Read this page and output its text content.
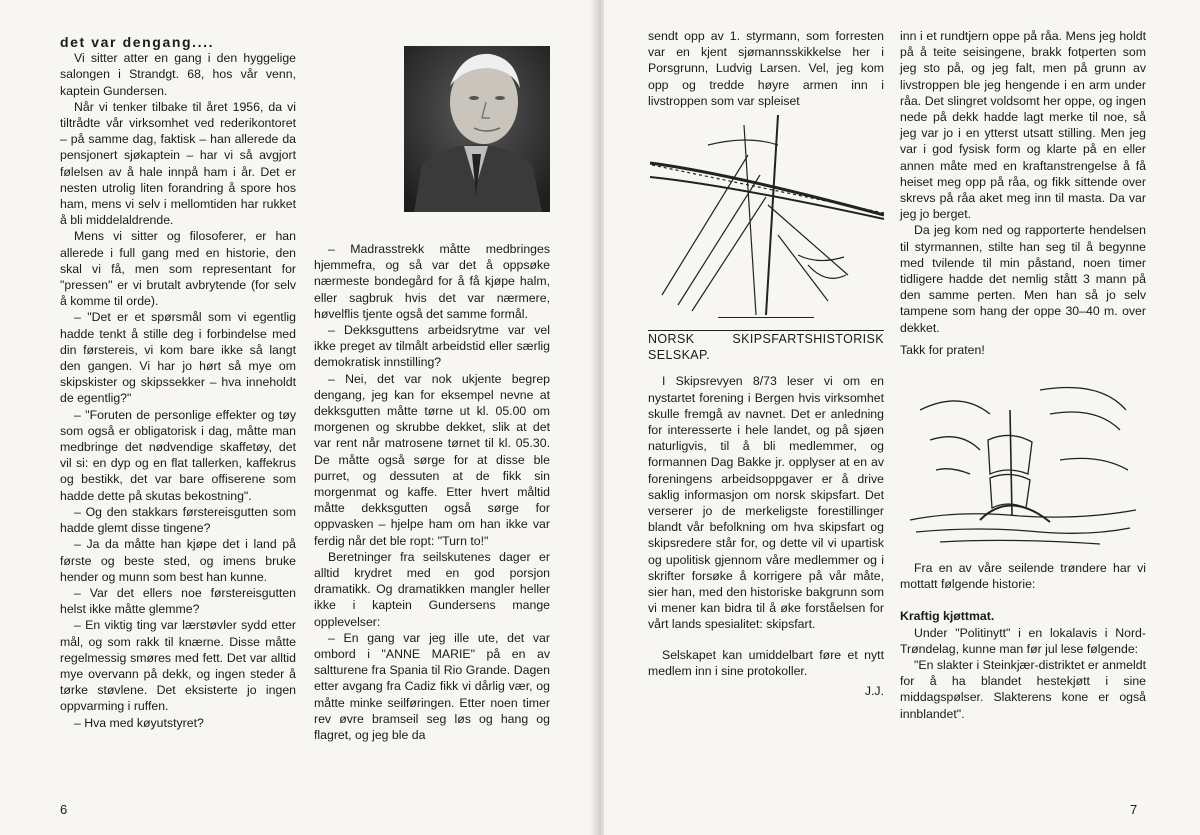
det var dengang....

Vi sitter atter en gang i den hyggelige salongen i Strandgt. 68, hos vår venn, kaptein Gundersen.

Når vi tenker tilbake til året 1956, da vi tiltrådte vår virksomhet ved rederikontoret – på samme dag, faktisk – han allerede da pensjonert sjøkaptein – har vi så avgjort følelsen av å hale innpå ham i år. Det er nesten utrolig liten forandring å spore hos ham, mens vi selv i mellomtiden har rukket å bli middelaldrende.

Mens vi sitter og filosoferer, er han allerede i full gang med en historie, den skal vi få, men som representant for "pressen" er vi brutalt avbrytende (for selv å komme til orde).

– "Det er et spørsmål som vi egentlig hadde tenkt å stille deg i forbindelse med din førstereis, vi kom bare ikke så langt den gangen. Vi har jo hørt så mye om skipskister og skipssekker – hva inneholdt de egentlig?"

– "Foruten de personlige effekter og tøy som også er obligatorisk i dag, måtte man medbringe det nødvendige skaffetøy, det vil si: en dyp og en flat tallerken, kaffekrus og bestikk, det var bare offiserene som hadde dette på skutas bekostning".

– Og den stakkars førstereisgutten som hadde glemt disse tingene?

– Ja da måtte han kjøpe det i land på første og beste sted, og imens bruke hender og munn som best han kunne.

– Var det ellers noe førstereisgutten helst ikke måtte glemme?

– En viktig ting var lærstøvler sydd etter mål, og som rakk til knærne. Disse måtte regelmessig smøres med fett. Det var alltid mye overvann på dekk, og ingen steder å tørke støvlene. Det eksisterte jo ingen oppvarming i ruffen.

– Hva med køyutstyret?

– Madrasstrekk måtte medbringes hjemmefra, og så var det å oppsøke nærmeste bondegård for å få kjøpe halm, eller sagbruk hvis det var nærmere, høvelflis tjente også det samme formål.

– Dekksguttens arbeidsrytme var vel ikke preget av tilmålt arbeidstid eller særlig demokratisk innstilling?

– Nei, det var nok ukjente begrep dengang, jeg kan for eksempel nevne at dekksgutten måtte tørne ut kl. 05.00 om morgenen og skrubbe dekket, slik at det var rent når matrosene tørnet til kl. 05.30. De måtte også sørge for at disse ble purret, og dessuten at de fikk sin morgenmat og kaffe. Etter hvert måltid måtte dekksgutten også sørge for oppvasken – hjelpe ham om han ikke var ferdig når det ble ropt: "Turn to!"

Beretninger fra seilskutenes dager er alltid krydret med en god porsjon dramatikk. Og dramatikken mangler heller ikke i kaptein Gundersens mange opplevelser:

– En gang var jeg ille ute, det var ombord i "ANNE MARIE" på en av saltturene fra Spania til Rio Grande. Dagen etter avgang fra Cadiz fikk vi dårlig vær, og måtte minke seilføringen. Etter noen timer rev øvre bramseil seg løs og hang og flagret, og jeg ble da

6

sendt opp av 1. styrmann, som forresten var en kjent sjømannsskikkelse her i Porsgrunn, Ludvig Larsen. Vel, jeg kom opp og tredde høyre armen inn i livstroppen som var spleiset

NORSK SKIPSFARTSHISTORISK SELSKAP.

I Skipsrevyen 8/73 leser vi om en nystartet forening i Bergen hvis virksomhet skulle fremgå av navnet. Det er anledning for interesserte i hele landet, og på sjøen naturligvis, til å bli medlemmer, og formannen Dag Bakke jr. opplyser at en av foreningens arbeidsoppgaver er å drive saklig informasjon om norsk skipsfart. Det verserer jo de merkeligste forestillinger blandt vår befolkning om hva skipsfart og skipsredere står for, og dette vil vi upartisk og upolitisk gjennom våre medlemmer og i skrifter forsøke å korrigere på vår måte, sier han, med den historiske bakgrunn som vi mener kan bidra til å øke forståelsen for vårt lands spesialitet: skipsfart.

Selskapet kan umiddelbart føre et nytt medlem inn i sine protokoller.

J.J.

inn i et rundtjern oppe på råa. Mens jeg holdt på å teite seisingene, brakk fotperten som jeg sto på, og jeg falt, men på grunn av livstroppen ble jeg hengende i en arm under råa. Det slingret voldsomt her oppe, og ingen nede på dekk hadde lagt merke til noe, så jeg var jo i en ytterst utsatt stilling. Men jeg var i god fysisk form og klarte på en eller annen måte med en kraftanstrengelse å få heiset meg opp på råa, og fikk sittende over skrevs på råa aket meg inn til masta. Da var jeg jo berget.

Da jeg kom ned og rapporterte hendelsen til styrmannen, stilte han seg til å begynne med tvilende til min påstand, noen timer tidligere hadde det nemlig stått 3 mann på den samme perten. Men han så jo selv tampene som hang der oppe 30–40 m. over dekket.

Takk for praten!

Fra en av våre seilende trøndere har vi mottatt følgende historie:

Kraftig kjøttmat.

Under "Politinytt" i en lokalavis i Nord-Trøndelag, kunne man før jul lese følgende:

"En slakter i Steinkjær-distriktet er anmeldt for å ha blandet hestekjøtt i sine middagspølser. Slakterens kone er også innblandet".

7
